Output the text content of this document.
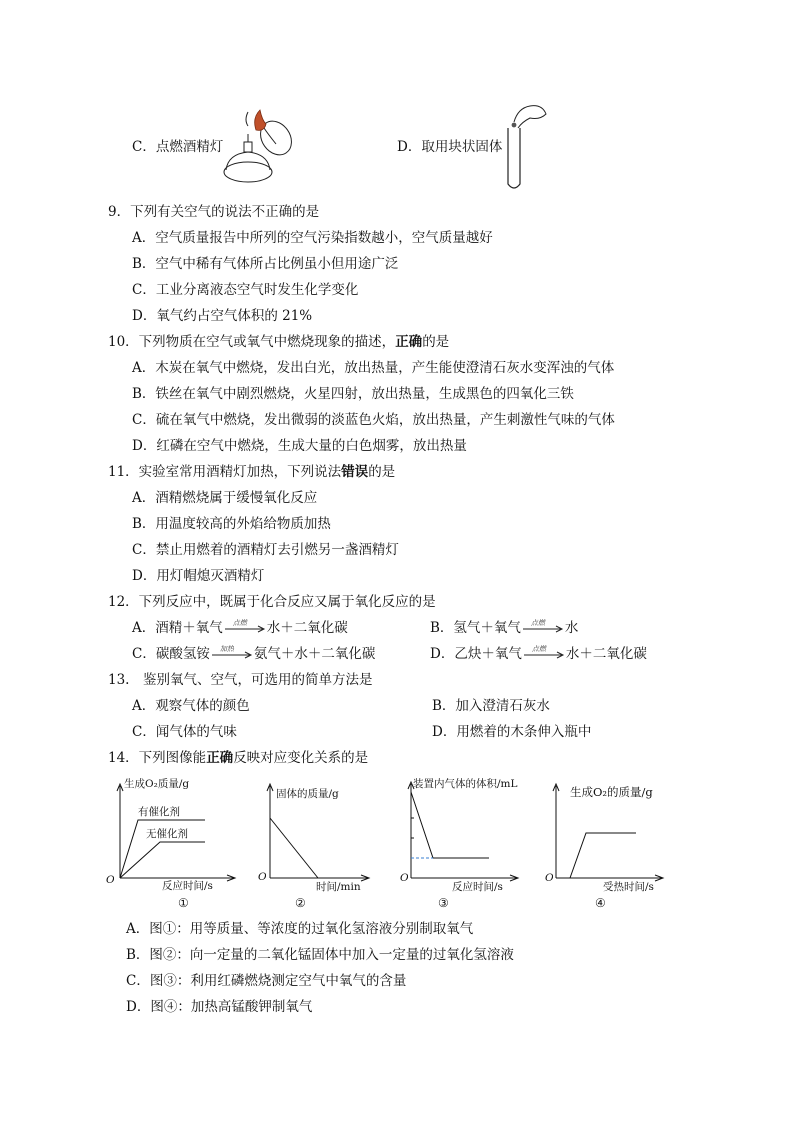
C．点燃酒精灯	D．取用块状固体
9．下列有关空气的说法不正确的是
A．空气质量报告中所列的空气污染指数越小，空气质量越好
B．空气中稀有气体所占比例虽小但用途广泛
C．工业分离液态空气时发生化学变化
D．氧气约占空气体积的 21%
10．下列物质在空气或氧气中燃烧现象的描述，正确的是
A．木炭在氧气中燃烧，发出白光，放出热量，产生能使澄清石灰水变浑浊的气体
B．铁丝在氧气中剧烈燃烧，火星四射，放出热量，生成黑色的四氧化三铁
C．硫在氧气中燃烧，发出微弱的淡蓝色火焰，放出热量，产生刺激性气味的气体
D．红磷在空气中燃烧，生成大量的白色烟雾，放出热量
11．实验室常用酒精灯加热，下列说法错误的是
A．酒精燃烧属于缓慢氧化反应
B．用温度较高的外焰给物质加热
C．禁止用燃着的酒精灯去引燃另一盏酒精灯
D．用灯帽熄灭酒精灯
12．下列反应中，既属于化合反应又属于氧化反应的是
A．酒精＋氧气 点燃 水＋二氧化碳	B．氢气＋氧气 点燃 水
C．碳酸氢铵 加热 氨气＋水＋二氧化碳	D．乙炔＋氧气 点燃 水＋二氧化碳
13.　鉴别氧气、空气，可选用的简单方法是
A．观察气体的颜色	B．加入澄清石灰水
C．闻气体的气味	D．用燃着的木条伸入瓶中
14．下列图像能正确反映对应变化关系的是
生成O₂质量/g
有催化剂
无催化剂
O	反应时间/s
①
固体的质量/g
O
时间/min
②
装置内气体的体积/mL
O
反应时间/s
③
生成O₂的质量/g
O
受热时间/s
④
A．图①：用等质量、等浓度的过氧化氢溶液分别制取氧气
B．图②：向一定量的二氧化锰固体中加入一定量的过氧化氢溶液
C．图③：利用红磷燃烧测定空气中氧气的含量
D．图④：加热高锰酸钾制氧气
